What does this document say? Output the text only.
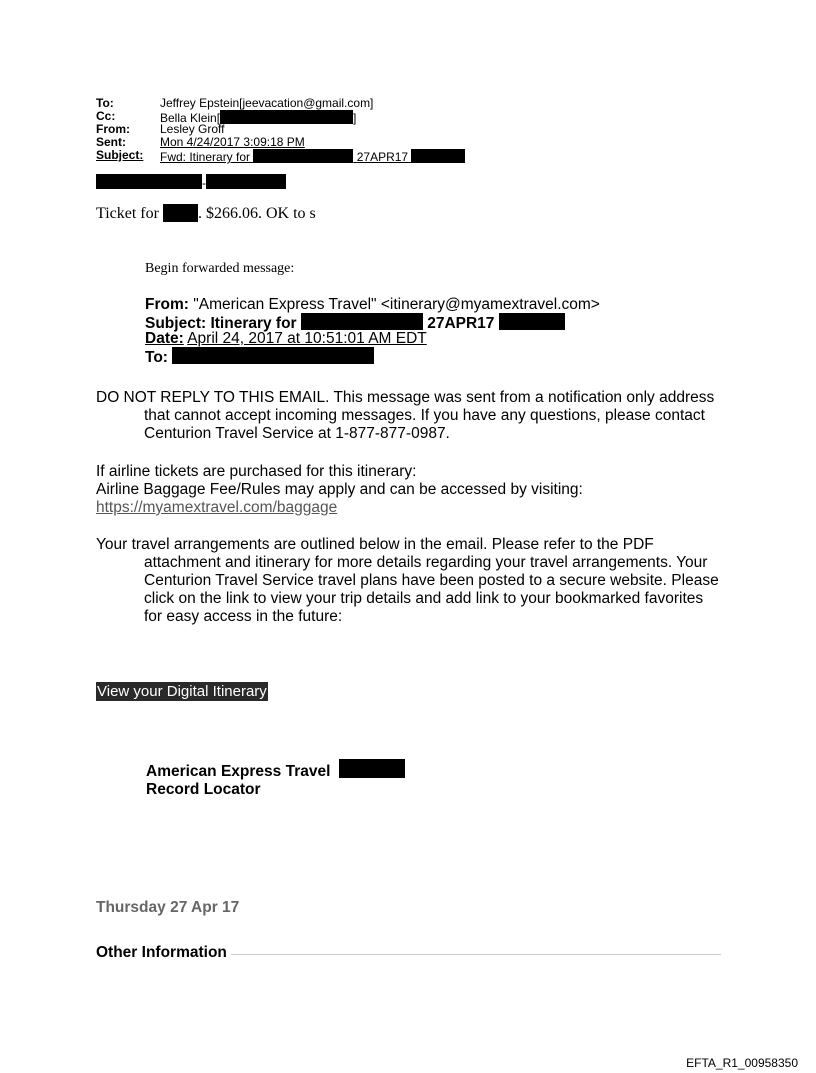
To:	Jeffrey Epstein[jeevacation@gmail.com]
Cc:	Bella Klein[	]
From:	Lesley Groff
Sent:	Mon 4/24/2017 3:09:18 PM
Subject:	Fwd: Itinerary for	27APR17
-
Ticket for . $266.06. OK to s
Begin forwarded message:
From: "American Express Travel" <itinerary@myamextravel.com>
Subject: Itinerary for	27APR17
Date: April 24, 2017 at 10:51:01 AM EDT
To:
DO NOT REPLY TO THIS EMAIL. This message was sent from a notification only address that cannot accept incoming messages. If you have any questions, please contact Centurion Travel Service at 1-877-877-0987.
If airline tickets are purchased for this itinerary:
Airline Baggage Fee/Rules may apply and can be accessed by visiting:
https://myamextravel.com/baggage
Your travel arrangements are outlined below in the email. Please refer to the PDF attachment and itinerary for more details regarding your travel arrangements. Your Centurion Travel Service travel plans have been posted to a secure website. Please click on the link to view your trip details and add link to your bookmarked favorites for easy access in the future:
View your Digital Itinerary
American Express Travel
Record Locator
Thursday 27 Apr 17
Other Information
EFTA_R1_00958350
